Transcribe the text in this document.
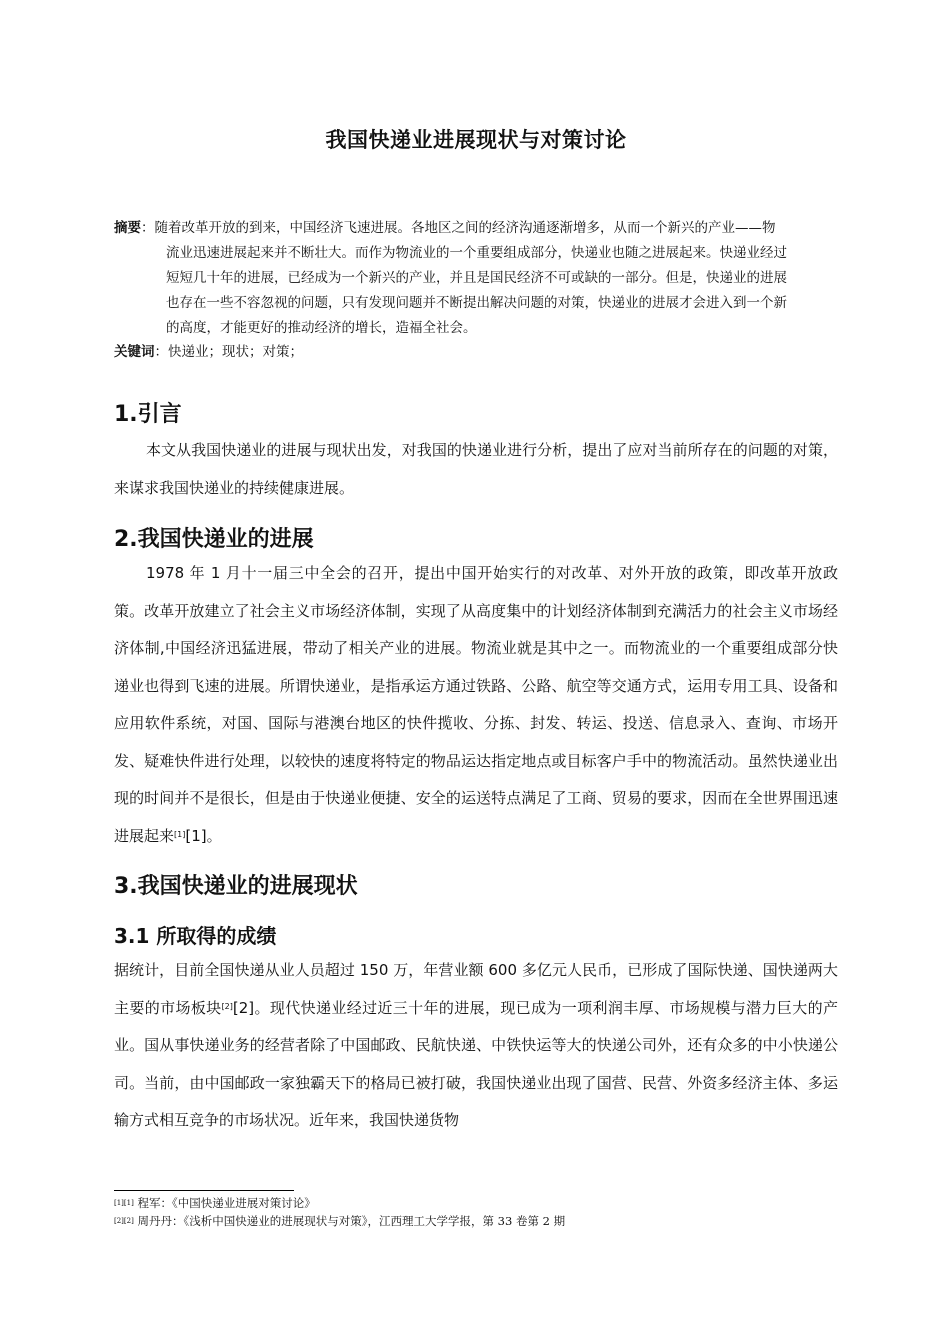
我国快递业进展现状与对策讨论
摘要：随着改革开放的到来，中国经济飞速进展。各地区之间的经济沟通逐渐增多，从而一个新兴的产业——物
流业迅速进展起来并不断壮大。而作为物流业的一个重要组成部分，快递业也随之进展起来。快递业经过
短短几十年的进展，已经成为一个新兴的产业，并且是国民经济不可或缺的一部分。但是，快递业的进展
也存在一些不容忽视的问题，只有发现问题并不断提出解决问题的对策，快递业的进展才会进入到一个新
的高度，才能更好的推动经济的增长，造福全社会。
关键词：快递业；现状；对策；
1.引言

本文从我国快递业的进展与现状出发，对我国的快递业进行分析，提出了应对当前所存在的问题的对策，来谋求我国快递业的持续健康进展。

2.我国快递业的进展

1978 年 1 月十一届三中全会的召开，提出中国开始实行的对改革、对外开放的政策，即改革开放政策。改革开放建立了社会主义市场经济体制，实现了从高度集中的计划经济体制到充满活力的社会主义市场经济体制,中国经济迅猛进展，带动了相关产业的进展。物流业就是其中之一。而物流业的一个重要组成部分快递业也得到飞速的进展。所谓快递业，是指承运方通过铁路、公路、航空等交通方式，运用专用工具、设备和应用软件系统，对国、国际与港澳台地区的快件揽收、分拣、封发、转运、投送、信息录入、查询、市场开发、疑难快件进行处理，以较快的速度将特定的物品运达指定地点或目标客户手中的物流活动。虽然快递业出现的时间并不是很长，但是由于快递业便捷、安全的运送特点满足了工商、贸易的要求，因而在全世界围迅速进展起来[1][1]。

3.我国快递业的进展现状
3.1 所取得的成绩

据统计，目前全国快递从业人员超过 150 万，年营业额 600 多亿元人民币，已形成了国际快递、国快递两大主要的市场板块[2][2]。现代快递业经过近三十年的进展，现已成为一项利润丰厚、市场规模与潜力巨大的产业。国从事快递业务的经营者除了中国邮政、民航快递、中铁快运等大的快递公司外，还有众多的中小快递公司。当前，由中国邮政一家独霸天下的格局已被打破，我国快递业出现了国营、民营、外资多经济主体、多运输方式相互竞争的市场状况。近年来，我国快递货物

[1][1] 程军：《中国快递业进展对策讨论》
[2][2] 周丹丹：《浅析中国快递业的进展现状与对策》，江西理工大学学报，第 33 卷第 2 期
